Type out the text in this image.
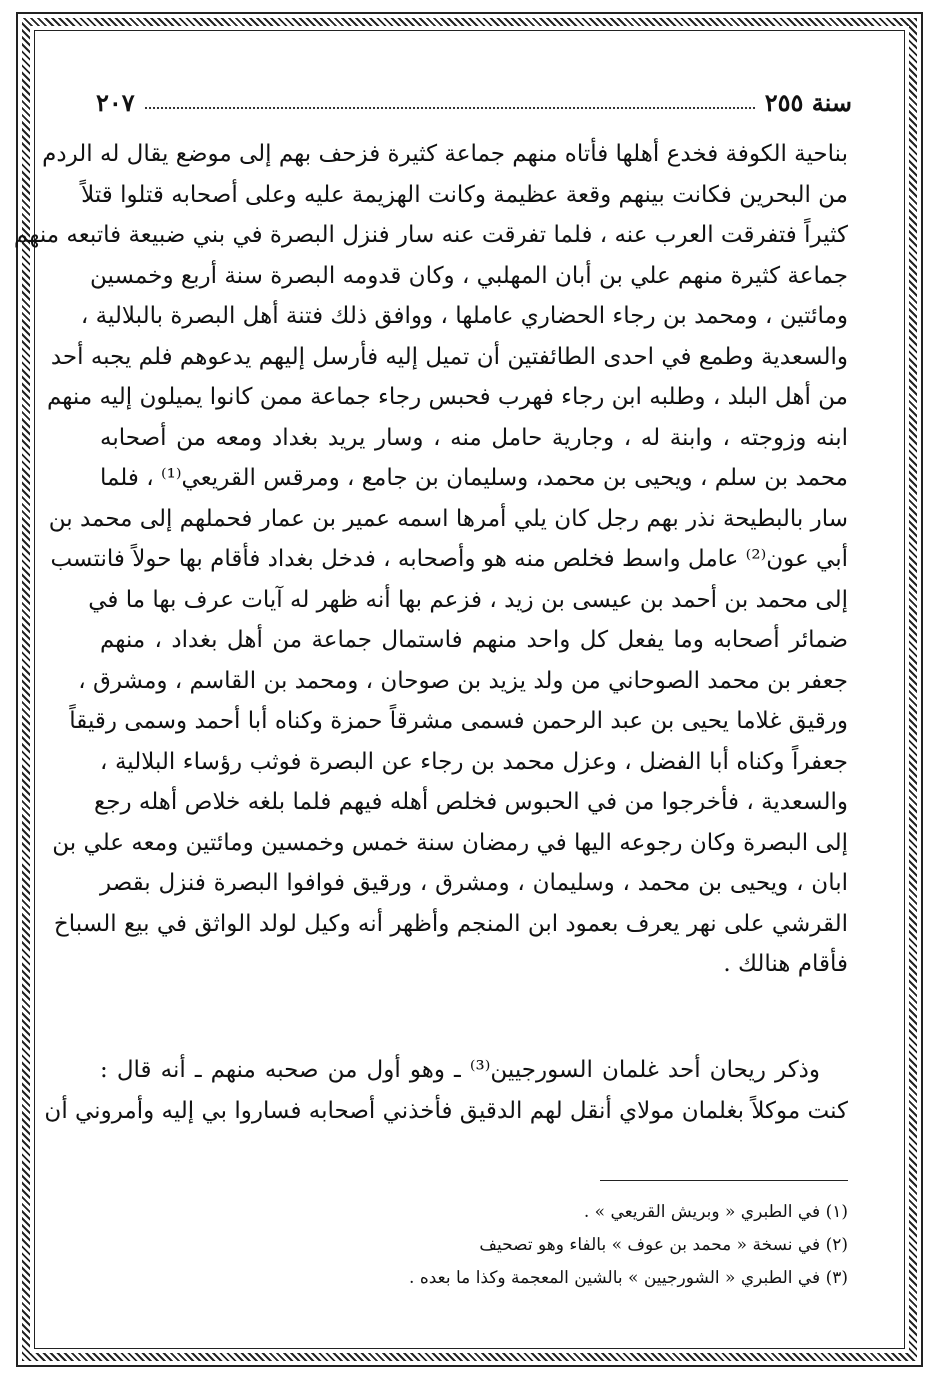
سنة ٢٥٥
٢٠٧
بناحية الكوفة فخدع أهلها فأتاه منهم جماعة كثيرة فزحف بهم إلى موضع يقال له الردم
من البحرين فكانت بينهم وقعة عظيمة وكانت الهزيمة عليه وعلى أصحابه قتلوا قتلاً
كثيراً فتفرقت العرب عنه ، فلما تفرقت عنه سار فنزل البصرة في بني ضبيعة فاتبعه منهم
جماعة كثيرة منهم علي بن أبان المهلبي ، وكان قدومه البصرة سنة أربع وخمسين
ومائتين ، ومحمد بن رجاء الحضاري عاملها ، ووافق ذلك فتنة أهل البصرة بالبلالية ،
والسعدية وطمع في احدى الطائفتين أن تميل إليه فأرسل إليهم يدعوهم فلم يجبه أحد
من أهل البلد ، وطلبه ابن رجاء فهرب فحبس رجاء جماعة ممن كانوا يميلون إليه منهم
ابنه وزوجته ، وابنة له ، وجارية حامل منه ، وسار يريد بغداد ومعه من أصحابه
محمد بن سلم ، ويحيى بن محمد، وسليمان بن جامع ، ومرقس القريعي⁽¹⁾ ، فلما
سار بالبطيحة نذر بهم رجل كان يلي أمرها اسمه عمير بن عمار فحملهم إلى محمد بن
أبي عون⁽²⁾ عامل واسط فخلص منه هو وأصحابه ، فدخل بغداد فأقام بها حولاً فانتسب
إلى محمد بن أحمد بن عيسى بن زيد ، فزعم بها أنه ظهر له آيات عرف بها ما في
ضمائر أصحابه وما يفعل كل واحد منهم فاستمال جماعة من أهل بغداد ، منهم
جعفر بن محمد الصوحاني من ولد يزيد بن صوحان ، ومحمد بن القاسم ، ومشرق ،
ورقيق غلاما يحيى بن عبد الرحمن فسمى مشرقاً حمزة وكناه أبا أحمد وسمى رقيقاً
جعفراً وكناه أبا الفضل ، وعزل محمد بن رجاء عن البصرة فوثب رؤساء البلالية ،
والسعدية ، فأخرجوا من في الحبوس فخلص أهله فيهم فلما بلغه خلاص أهله رجع
إلى البصرة وكان رجوعه اليها في رمضان سنة خمس وخمسين ومائتين ومعه علي بن
ابان ، ويحيى بن محمد ، وسليمان ، ومشرق ، ورقيق فوافوا البصرة فنزل بقصر
القرشي على نهر يعرف بعمود ابن المنجم وأظهر أنه وكيل لولد الواثق في بيع السباخ
فأقام هنالك .
وذكر ريحان أحد غلمان السورجيين⁽³⁾ ـ وهو أول من صحبه منهم ـ أنه قال :
كنت موكلاً بغلمان مولاي أنقل لهم الدقيق فأخذني أصحابه فساروا بي إليه وأمروني أن
(١) في الطبري « وبريش القريعي » .
(٢) في نسخة « محمد بن عوف » بالفاء وهو تصحيف
(٣) في الطبري « الشورجيين » بالشين المعجمة وكذا ما بعده .
